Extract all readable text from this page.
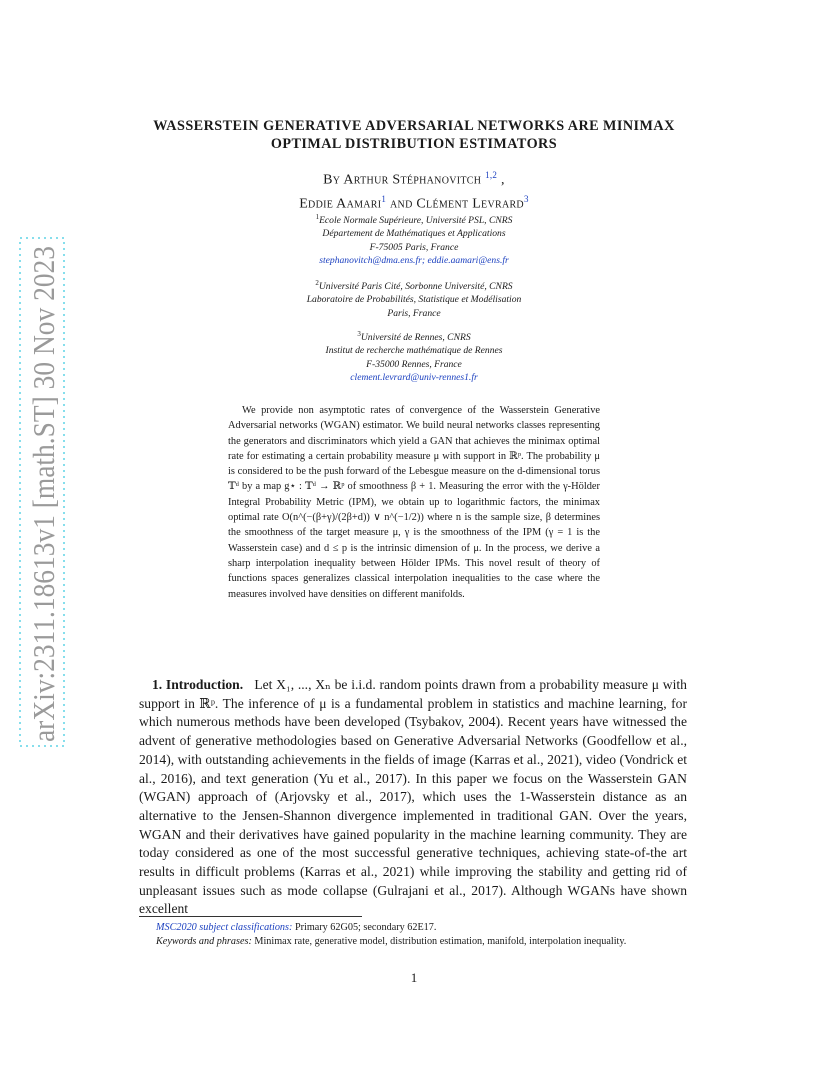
arXiv:2311.18613v1 [math.ST] 30 Nov 2023
WASSERSTEIN GENERATIVE ADVERSARIAL NETWORKS ARE MINIMAX
OPTIMAL DISTRIBUTION ESTIMATORS
By Arthur Stéphanovitch $^{1,2}$ ,
Eddie Aamari$^1$ and Clément Levrard$^3$
$^1$Ecole Normale Supérieure, Université PSL, CNRS
Département de Mathématiques et Applications
F-75005 Paris, France
stephanovitch@dma.ens.fr; eddie.aamari@ens.fr
$^2$Université Paris Cité, Sorbonne Université, CNRS
Laboratoire de Probabilités, Statistique et Modélisation
Paris, France
$^3$Université de Rennes, CNRS
Institut de recherche mathématique de Rennes
F-35000 Rennes, France
clement.levrard@univ-rennes1.fr

We provide non asymptotic rates of convergence of the Wasserstein Generative Adversarial networks (WGAN) estimator. We build neural networks classes representing the generators and discriminators which yield a GAN that achieves the minimax optimal rate for estimating a certain probability measure μ with support in ℝᵖ. The probability μ is considered to be the push forward of the Lebesgue measure on the d-dimensional torus 𝕋ᵈ by a map g⋆ : 𝕋ᵈ → ℝᵖ of smoothness β + 1. Measuring the error with the γ-Hölder Integral Probability Metric (IPM), we obtain up to logarithmic factors, the minimax optimal rate O(n^(−(β+γ)/(2β+d)) ∨ n^(−1/2)) where n is the sample size, β determines the smoothness of the target measure μ, γ is the smoothness of the IPM (γ = 1 is the Wasserstein case) and d ≤ p is the intrinsic dimension of μ. In the process, we derive a sharp interpolation inequality between Hölder IPMs. This novel result of theory of functions spaces generalizes classical interpolation inequalities to the case where the measures involved have densities on different manifolds.

1. Introduction. Let X₁, ..., Xₙ be i.i.d. random points drawn from a probability measure μ with support in ℝᵖ. The inference of μ is a fundamental problem in statistics and machine learning, for which numerous methods have been developed (Tsybakov, 2004). Recent years have witnessed the advent of generative methodologies based on Generative Adversarial Networks (Goodfellow et al., 2014), with outstanding achievements in the fields of image (Karras et al., 2021), video (Vondrick et al., 2016), and text generation (Yu et al., 2017). In this paper we focus on the Wasserstein GAN (WGAN) approach of (Arjovsky et al., 2017), which uses the 1-Wasserstein distance as an alternative to the Jensen-Shannon divergence implemented in traditional GAN. Over the years, WGAN and their derivatives have gained popularity in the machine learning community. They are today considered as one of the most successful generative techniques, achieving state-of-the art results in difficult problems (Karras et al., 2021) while improving the stability and getting rid of unpleasant issues such as mode collapse (Gulrajani et al., 2017). Although WGANs have shown excellent

MSC2020 subject classifications: Primary 62G05; secondary 62E17.

Keywords and phrases: Minimax rate, generative model, distribution estimation, manifold, interpolation inequality.

1
